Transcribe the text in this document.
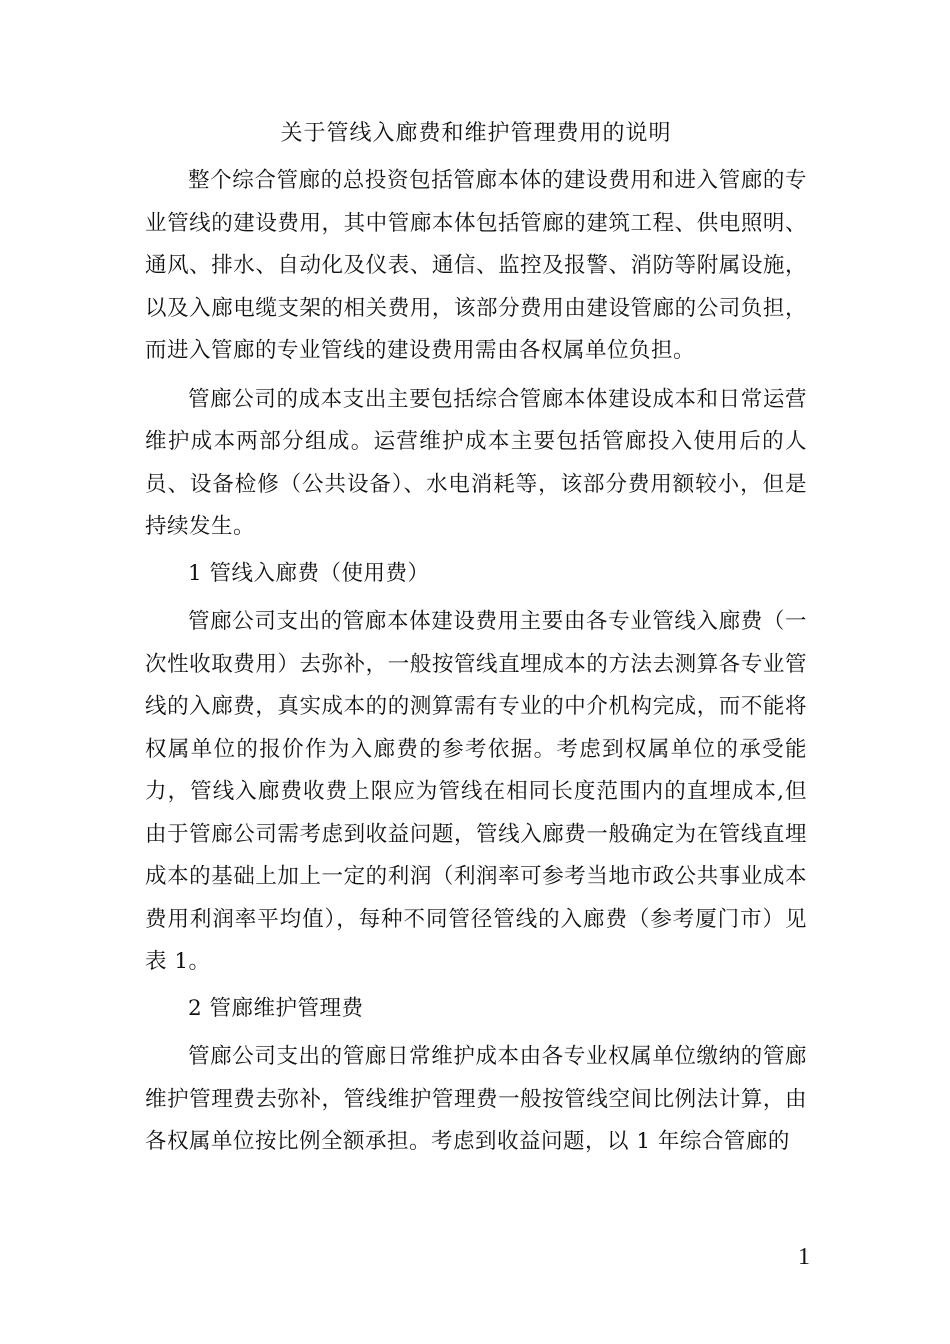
关于管线入廊费和维护管理费用的说明

整个综合管廊的总投资包括管廊本体的建设费用和进入管廊的专业管线的建设费用，其中管廊本体包括管廊的建筑工程、供电照明、通风、排水、自动化及仪表、通信、监控及报警、消防等附属设施，以及入廊电缆支架的相关费用，该部分费用由建设管廊的公司负担，而进入管廊的专业管线的建设费用需由各权属单位负担。

管廊公司的成本支出主要包括综合管廊本体建设成本和日常运营维护成本两部分组成。运营维护成本主要包括管廊投入使用后的人员、设备检修（公共设备）、水电消耗等，该部分费用额较小，但是持续发生。

1 管线入廊费（使用费）

管廊公司支出的管廊本体建设费用主要由各专业管线入廊费（一次性收取费用）去弥补，一般按管线直埋成本的方法去测算各专业管线的入廊费，真实成本的的测算需有专业的中介机构完成，而不能将权属单位的报价作为入廊费的参考依据。考虑到权属单位的承受能力，管线入廊费收费上限应为管线在相同长度范围内的直埋成本,但由于管廊公司需考虑到收益问题，管线入廊费一般确定为在管线直埋成本的基础上加上一定的利润（利润率可参考当地市政公共事业成本费用利润率平均值），每种不同管径管线的入廊费（参考厦门市）见表 1。

2 管廊维护管理费

管廊公司支出的管廊日常维护成本由各专业权属单位缴纳的管廊维护管理费去弥补，管线维护管理费一般按管线空间比例法计算，由各权属单位按比例全额承担。考虑到收益问题，以 1 年综合管廊的

1
